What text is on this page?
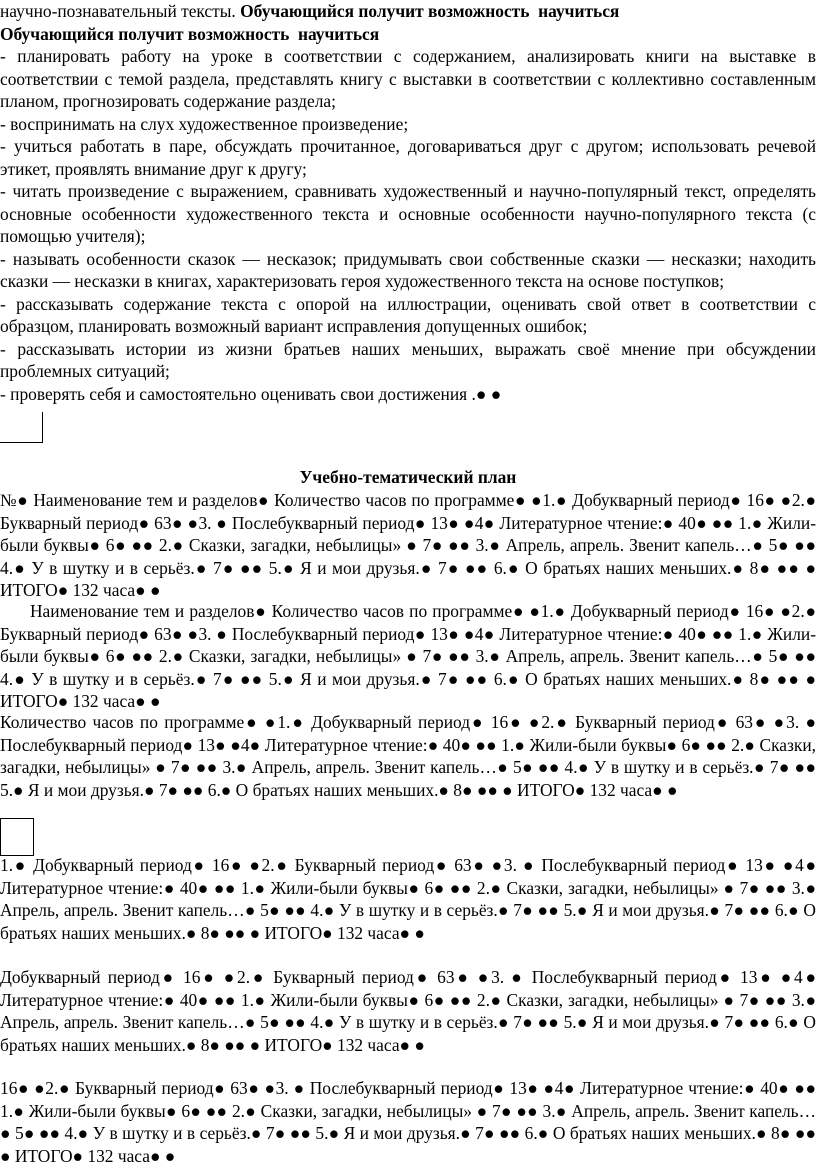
научно-познавательный тексты. Обучающийся получит возможность  научиться
Обучающийся получит возможность  научиться
- планировать работу на уроке в соответствии с содержанием, анализировать книги на выставке в соответствии с темой раздела, представлять книгу с выставки в соответствии с коллективно составленным планом, прогнозировать содержание раздела;
- воспринимать на слух художественное произведение;
- учиться работать в паре, обсуждать прочитанное, договариваться друг с другом; использовать речевой этикет, проявлять внимание друг к другу;
- читать произведение с выражением, сравнивать художественный и научно-популярный текст, определять основные особенности художественного текста и основные особенности научно-популярного текста (с помощью учителя);
- называть особенности сказок — несказок; придумывать свои собственные сказки — несказки; находить сказки — несказки в книгах, характеризовать героя художественного текста на основе поступков;
- рассказывать содержание текста с опорой на иллюстрации, оценивать свой ответ в соответствии с образцом, планировать возможный вариант исправления допущенных ошибок;
- рассказывать истории из жизни братьев наших меньших, выражать своё мнение при обсуждении проблемных ситуаций;
- проверять себя и самостоятельно оценивать свои достижения .● ●
Учебно-тематический план
№● Наименование тем и разделов● Количество часов по программе● ●1.● Добукварный период● 16● ●2.● Букварный период● 63● ●3. ● Послебукварный период● 13● ●4● Литературное чтение:● 40● ●● 1.● Жили-были буквы● 6● ●● 2.● Сказки, загадки, небылицы» ● 7● ●● 3.● Апрель, апрель. Звенит капель…● 5● ●● 4.● У в шутку и в серьёз.● 7● ●● 5.● Я и мои друзья.● 7● ●● 6.● О братьях наших меньших.● 8● ●● ● ИТОГО● 132 часа● ●
Наименование тем и разделов● Количество часов по программе● ●1.● Добукварный период● 16● ●2.● Букварный период● 63● ●3. ● Послебукварный период● 13● ●4● Литературное чтение:● 40● ●● 1.● Жили-были буквы● 6● ●● 2.● Сказки, загадки, небылицы» ● 7● ●● 3.● Апрель, апрель. Звенит капель…● 5● ●● 4.● У в шутку и в серьёз.● 7● ●● 5.● Я и мои друзья.● 7● ●● 6.● О братьях наших меньших.● 8● ●● ● ИТОГО● 132 часа● ●
Количество часов по программе● ●1.● Добукварный период● 16● ●2.● Букварный период● 63● ●3. ● Послебукварный период● 13● ●4● Литературное чтение:● 40● ●● 1.● Жили-были буквы● 6● ●● 2.● Сказки, загадки, небылицы» ● 7● ●● 3.● Апрель, апрель. Звенит капель…● 5● ●● 4.● У в шутку и в серьёз.● 7● ●● 5.● Я и мои друзья.● 7● ●● 6.● О братьях наших меньших.● 8● ●● ● ИТОГО● 132 часа● ●
1.● Добукварный период● 16● ●2.● Букварный период● 63● ●3. ● Послебукварный период● 13● ●4● Литературное чтение:● 40● ●● 1.● Жили-были буквы● 6● ●● 2.● Сказки, загадки, небылицы» ● 7● ●● 3.● Апрель, апрель. Звенит капель…● 5● ●● 4.● У в шутку и в серьёз.● 7● ●● 5.● Я и мои друзья.● 7● ●● 6.● О братьях наших меньших.● 8● ●● ● ИТОГО● 132 часа● ●
Добукварный период● 16● ●2.● Букварный период● 63● ●3. ● Послебукварный период● 13● ●4● Литературное чтение:● 40● ●● 1.● Жили-были буквы● 6● ●● 2.● Сказки, загадки, небылицы» ● 7● ●● 3.● Апрель, апрель. Звенит капель…● 5● ●● 4.● У в шутку и в серьёз.● 7● ●● 5.● Я и мои друзья.● 7● ●● 6.● О братьях наших меньших.● 8● ●● ● ИТОГО● 132 часа● ●
16● ●2.● Букварный период● 63● ●3. ● Послебукварный период● 13● ●4● Литературное чтение:● 40● ●● 1.● Жили-были буквы● 6● ●● 2.● Сказки, загадки, небылицы» ● 7● ●● 3.● Апрель, апрель. Звенит капель…● 5● ●● 4.● У в шутку и в серьёз.● 7● ●● 5.● Я и мои друзья.● 7● ●● 6.● О братьях наших меньших.● 8● ●● ● ИТОГО● 132 часа● ●
